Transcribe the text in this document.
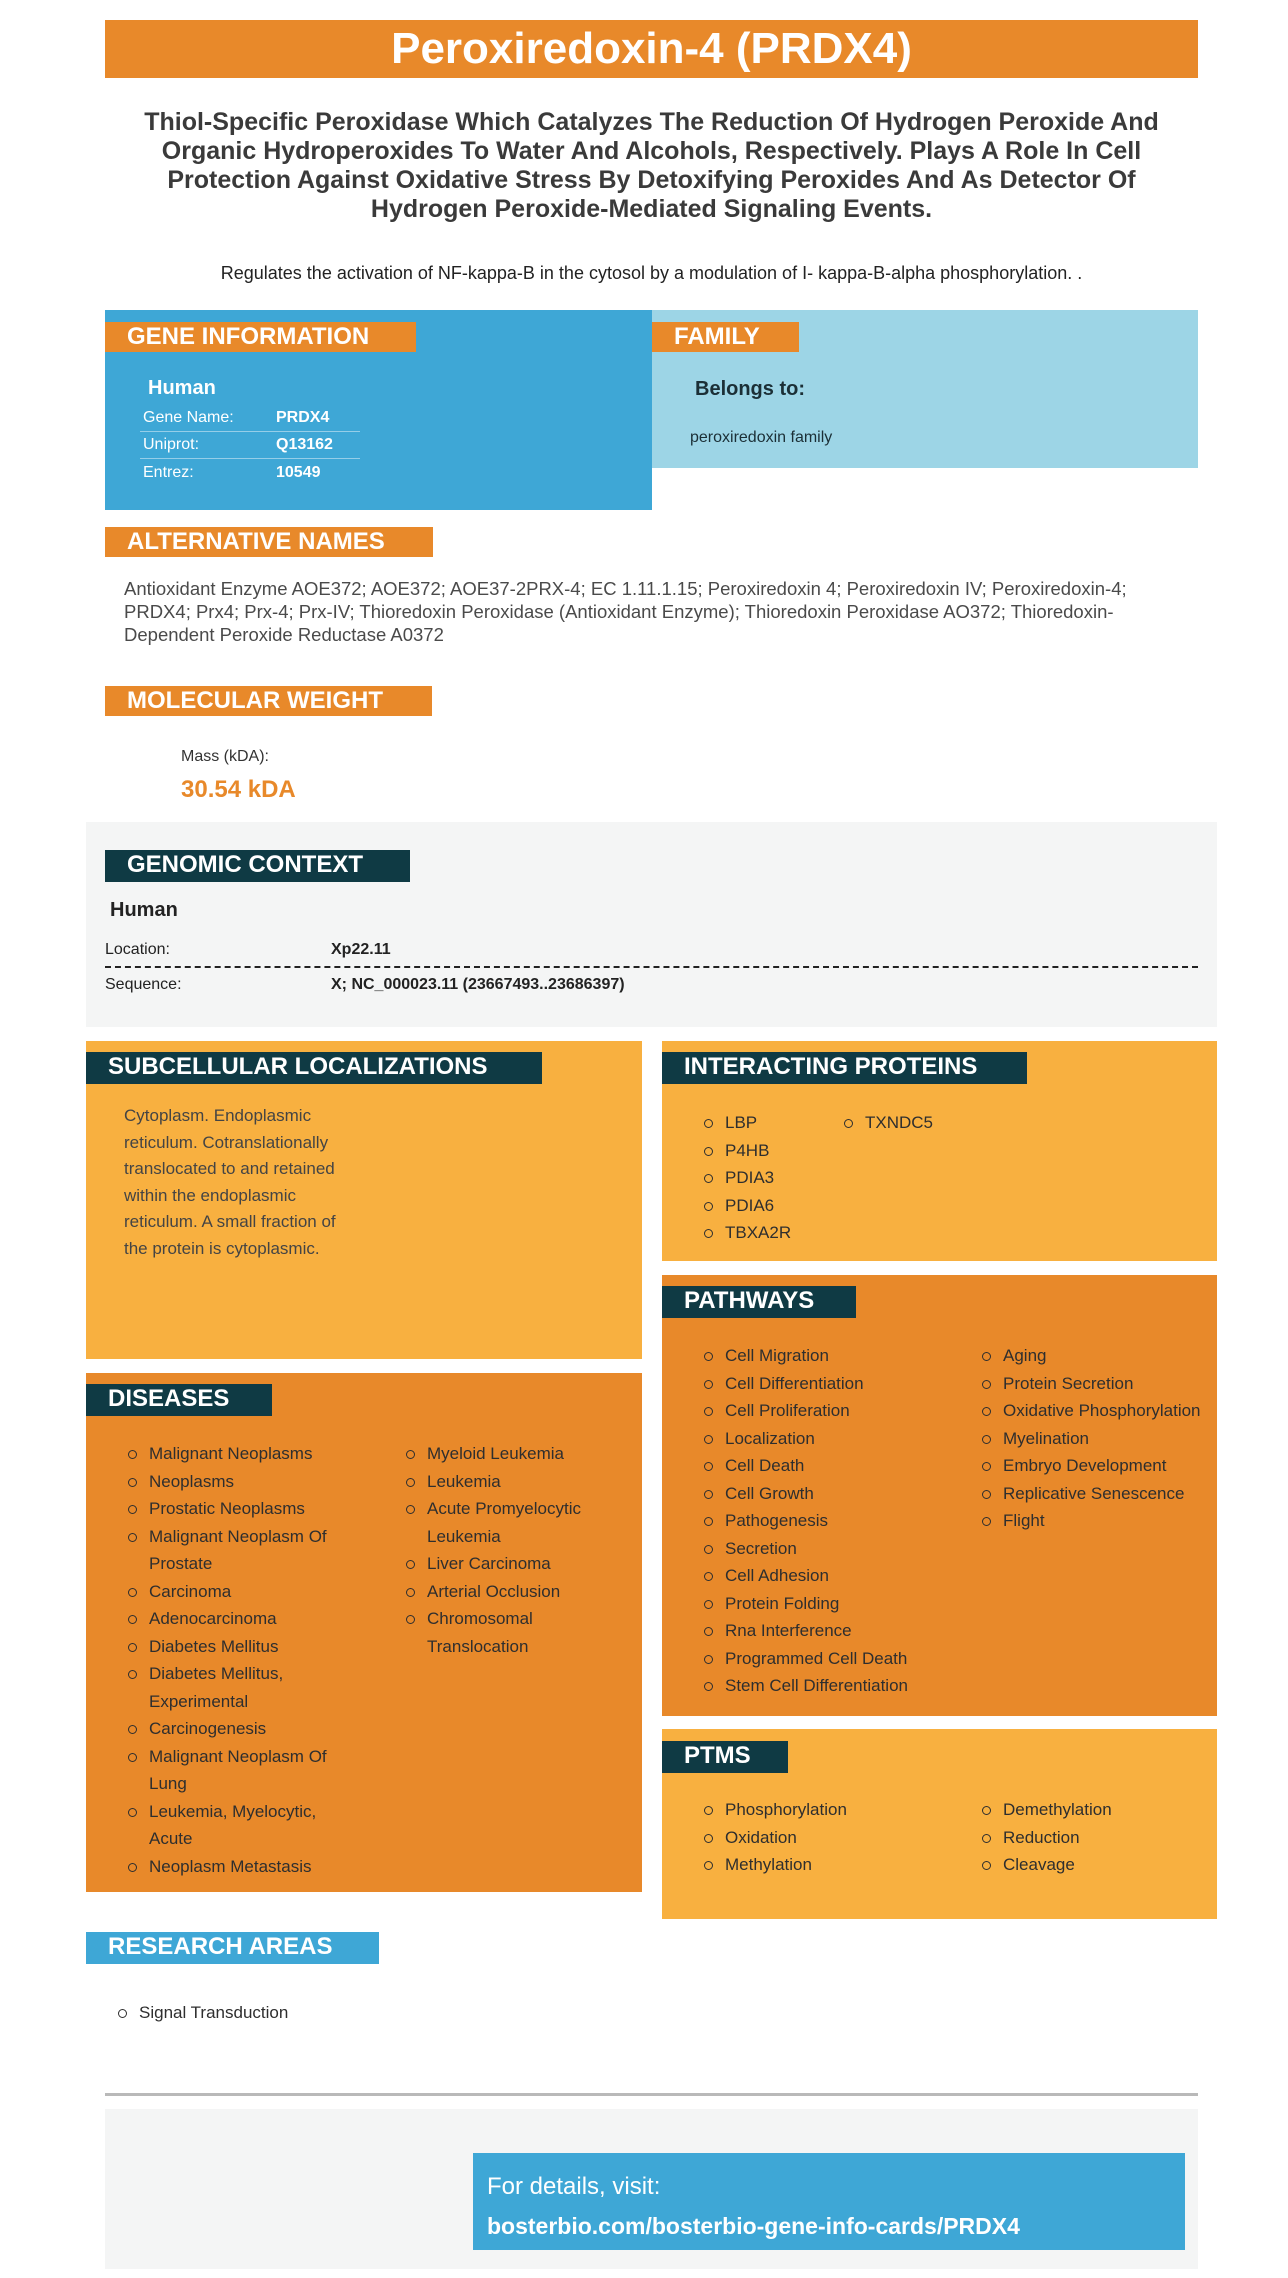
Peroxiredoxin-4 (PRDX4)
Thiol-Specific Peroxidase Which Catalyzes The Reduction Of Hydrogen Peroxide And Organic Hydroperoxides To Water And Alcohols, Respectively. Plays A Role In Cell Protection Against Oxidative Stress By Detoxifying Peroxides And As Detector Of Hydrogen Peroxide-Mediated Signaling Events.
Regulates the activation of NF-kappa-B in the cytosol by a modulation of I- kappa-B-alpha phosphorylation. .
GENE INFORMATION
Human
Gene Name:	PRDX4
Uniprot:	Q13162
Entrez:	10549
FAMILY
Belongs to:
peroxiredoxin family
ALTERNATIVE NAMES
Antioxidant Enzyme AOE372; AOE372; AOE37-2PRX-4; EC 1.11.1.15; Peroxiredoxin 4; Peroxiredoxin IV; Peroxiredoxin-4; PRDX4; Prx4; Prx-4; Prx-IV; Thioredoxin Peroxidase (Antioxidant Enzyme); Thioredoxin Peroxidase AO372; Thioredoxin-Dependent Peroxide Reductase A0372
MOLECULAR WEIGHT
Mass (kDA):
30.54 kDA
GENOMIC CONTEXT
Human
Location:	Xp22.11
Sequence:	X; NC_000023.11 (23667493..23686397)
SUBCELLULAR LOCALIZATIONS
Cytoplasm. Endoplasmic reticulum. Cotranslationally translocated to and retained within the endoplasmic reticulum. A small fraction of the protein is cytoplasmic.
INTERACTING PROTEINS
LBP
P4HB
PDIA3
PDIA6
TBXA2R
TXNDC5
PATHWAYS
Cell Migration
Cell Differentiation
Cell Proliferation
Localization
Cell Death
Cell Growth
Pathogenesis
Secretion
Cell Adhesion
Protein Folding
Rna Interference
Programmed Cell Death
Stem Cell Differentiation
Aging
Protein Secretion
Oxidative Phosphorylation
Myelination
Embryo Development
Replicative Senescence
Flight
DISEASES
Malignant Neoplasms
Neoplasms
Prostatic Neoplasms
Malignant Neoplasm Of Prostate
Carcinoma
Adenocarcinoma
Diabetes Mellitus
Diabetes Mellitus, Experimental
Carcinogenesis
Malignant Neoplasm Of Lung
Leukemia, Myelocytic, Acute
Neoplasm Metastasis
Myeloid Leukemia
Leukemia
Acute Promyelocytic Leukemia
Liver Carcinoma
Arterial Occlusion
Chromosomal Translocation
PTMS
Phosphorylation
Oxidation
Methylation
Demethylation
Reduction
Cleavage
RESEARCH AREAS
Signal Transduction
For details, visit:
bosterbio.com/bosterbio-gene-info-cards/PRDX4
